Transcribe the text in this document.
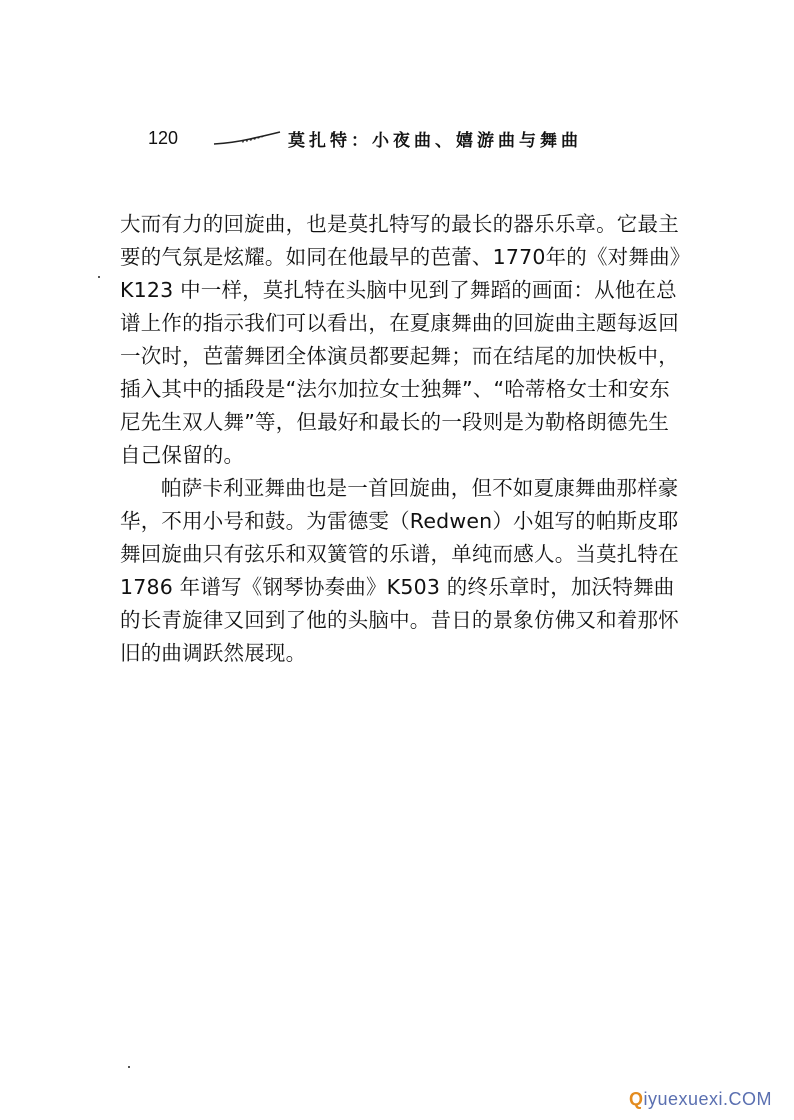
120	莫扎特：小夜曲、嬉游曲与舞曲

大而有力的回旋曲，也是莫扎特写的最长的器乐乐章。它最主要的气氛是炫耀。如同在他最早的芭蕾、1770年的《对舞曲》K123 中一样，莫扎特在头脑中见到了舞蹈的画面：从他在总谱上作的指示我们可以看出，在夏康舞曲的回旋曲主题每返回一次时，芭蕾舞团全体演员都要起舞；而在结尾的加快板中，插入其中的插段是“法尔加拉女士独舞”、“哈蒂格女士和安东尼先生双人舞”等，但最好和最长的一段则是为勒格朗德先生自己保留的。

帕萨卡利亚舞曲也是一首回旋曲，但不如夏康舞曲那样豪华，不用小号和鼓。为雷德雯（Redwen）小姐写的帕斯皮耶舞回旋曲只有弦乐和双簧管的乐谱，单纯而感人。当莫扎特在 1786 年谱写《钢琴协奏曲》K503 的终乐章时，加沃特舞曲的长青旋律又回到了他的头脑中。昔日的景象仿佛又和着那怀旧的曲调跃然展现。

Qiyuexuexi.COM
